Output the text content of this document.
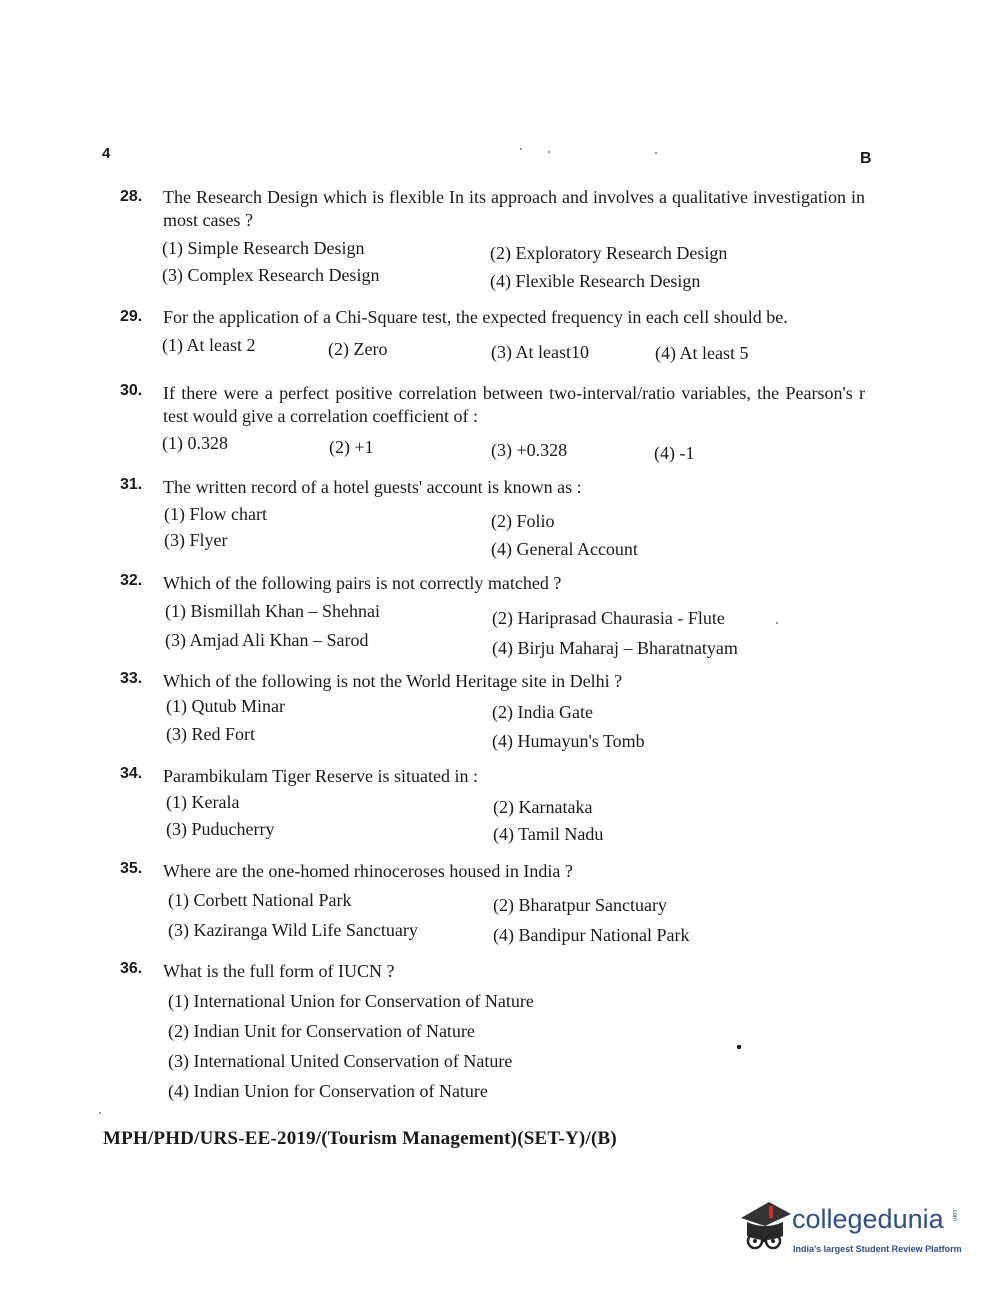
4	B
28. The Research Design which is flexible In its approach and involves a qualitative investigation in most cases ?
(1) Simple Research Design	(2) Exploratory Research Design
(3) Complex Research Design	(4) Flexible Research Design
29. For the application of a Chi-Square test, the expected frequency in each cell should be.
(1) At least 2	(2) Zero	(3) At least10	(4) At least 5
30. If there were a perfect positive correlation between two-interval/ratio variables, the Pearson's r test would give a correlation coefficient of :
(1) 0.328	(2) +1	(3) +0.328	(4) -1
31. The written record of a hotel guests' account is known as :
(1) Flow chart	(2) Folio
(3) Flyer	(4) General Account
32. Which of the following pairs is not correctly matched ?
(1) Bismillah Khan – Shehnai	(2) Hariprasad Chaurasia - Flute
(3) Amjad Ali Khan – Sarod	(4) Birju Maharaj – Bharatnatyam
33. Which of the following is not the World Heritage site in Delhi ?
(1) Qutub Minar	(2) India Gate
(3) Red Fort	(4) Humayun's Tomb
34. Parambikulam Tiger Reserve is situated in :
(1) Kerala	(2) Karnataka
(3) Puducherry	(4) Tamil Nadu
35. Where are the one-homed rhinoceroses housed in India ?
(1) Corbett National Park	(2) Bharatpur Sanctuary
(3) Kaziranga Wild Life Sanctuary	(4) Bandipur National Park
36. What is the full form of IUCN ?
(1) International Union for Conservation of Nature
(2) Indian Unit for Conservation of Nature
(3) International United Conservation of Nature
(4) Indian Union for Conservation of Nature
MPH/PHD/URS-EE-2019/(Tourism Management)(SET-Y)/(B)
collegedunia .com
India's largest Student Review Platform
